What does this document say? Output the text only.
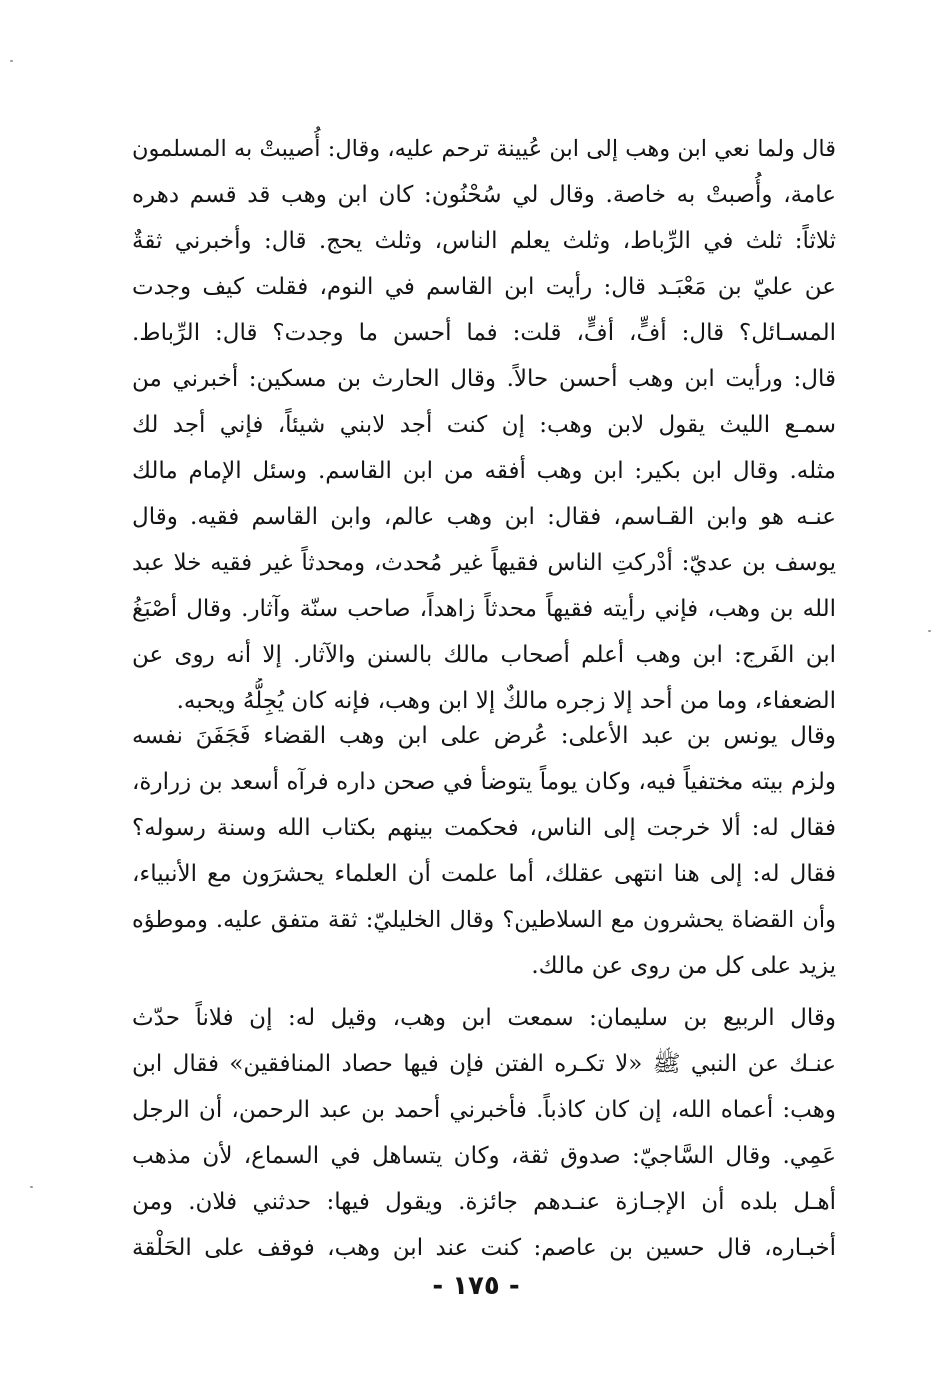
قال ولما نعي ابن وهب إلى ابن عُيينة ترحم عليه، وقال: أُصيبتْ به المسلمون
عامة، وأُصبتْ به خاصة. وقال لي سُحْنُون: كان ابن وهب قد قسم دهره
ثلاثاً: ثلث في الرِّباط، وثلث يعلم الناس، وثلث يحج. قال: وأخبرني ثقةٌ
عن عليّ بن مَعْبَـد قال: رأيت ابن القاسم في النوم، فقلت كيف وجدت
المسـائل؟ قال: أفٍّ، أفٍّ، قلت: فما أحسن ما وجدت؟ قال: الرِّباط.
قال: ورأيت ابن وهب أحسن حالاً. وقال الحارث بن مسكين: أخبرني من
سمـع الليث يقول لابن وهب: إن كنت أجد لابني شيئاً، فإني أجد لك
مثله. وقال ابن بكير: ابن وهب أفقه من ابن القاسم. وسئل الإمام مالك
عنـه هو وابن القـاسم، فقال: ابن وهب عالم، وابن القاسم فقيه. وقال
يوسف بن عديّ: أدْركتِ الناس فقيهاً غير مُحدث، ومحدثاً غير فقيه خلا عبد
الله بن وهب، فإني رأيته فقيهاً محدثاً زاهداً، صاحب سنّة وآثار. وقال أصْبَغُ
ابن الفَرج: ابن وهب أعلم أصحاب مالك بالسنن والآثار. إلا أنه روى عن
الضعفاء، وما من أحد إلا زجره مالكٌ إلا ابن وهب، فإنه كان يُجِلُّهُ ويحبه.
وقال يونس بن عبد الأعلى: عُرض على ابن وهب القضاء فَجَفَنَ نفسه
ولزم بيته مختفياً فيه، وكان يوماً يتوضأ في صحن داره فرآه أسعد بن زرارة،
فقال له: ألا خرجت إلى الناس، فحكمت بينهم بكتاب الله وسنة رسوله؟
فقال له: إلى هنا انتهى عقلك، أما علمت أن العلماء يحشرَون مع الأنبياء،
وأن القضاة يحشرون مع السلاطين؟ وقال الخليليّ: ثقة متفق عليه. وموطؤه
يزيد على كل من روى عن مالك.
وقال الربيع بن سليمان: سمعت ابن وهب، وقيل له: إن فلاناً حدّث
عنـك عن النبي ﷺ «لا تكـره الفتن فإن فيها حصاد المنافقين» فقال ابن
وهب: أعماه الله، إن كان كاذباً. فأخبرني أحمد بن عبد الرحمن، أن الرجل
عَمِي. وقال السَّاجيّ: صدوق ثقة، وكان يتساهل في السماع، لأن مذهب
أهـل بلده أن الإجـازة عنـدهم جائزة. ويقول فيها: حدثني فلان. ومن
أخبـاره، قال حسين بن عاصم: كنت عند ابن وهب، فوقف على الحَلْقة
- ١٧٥ -
